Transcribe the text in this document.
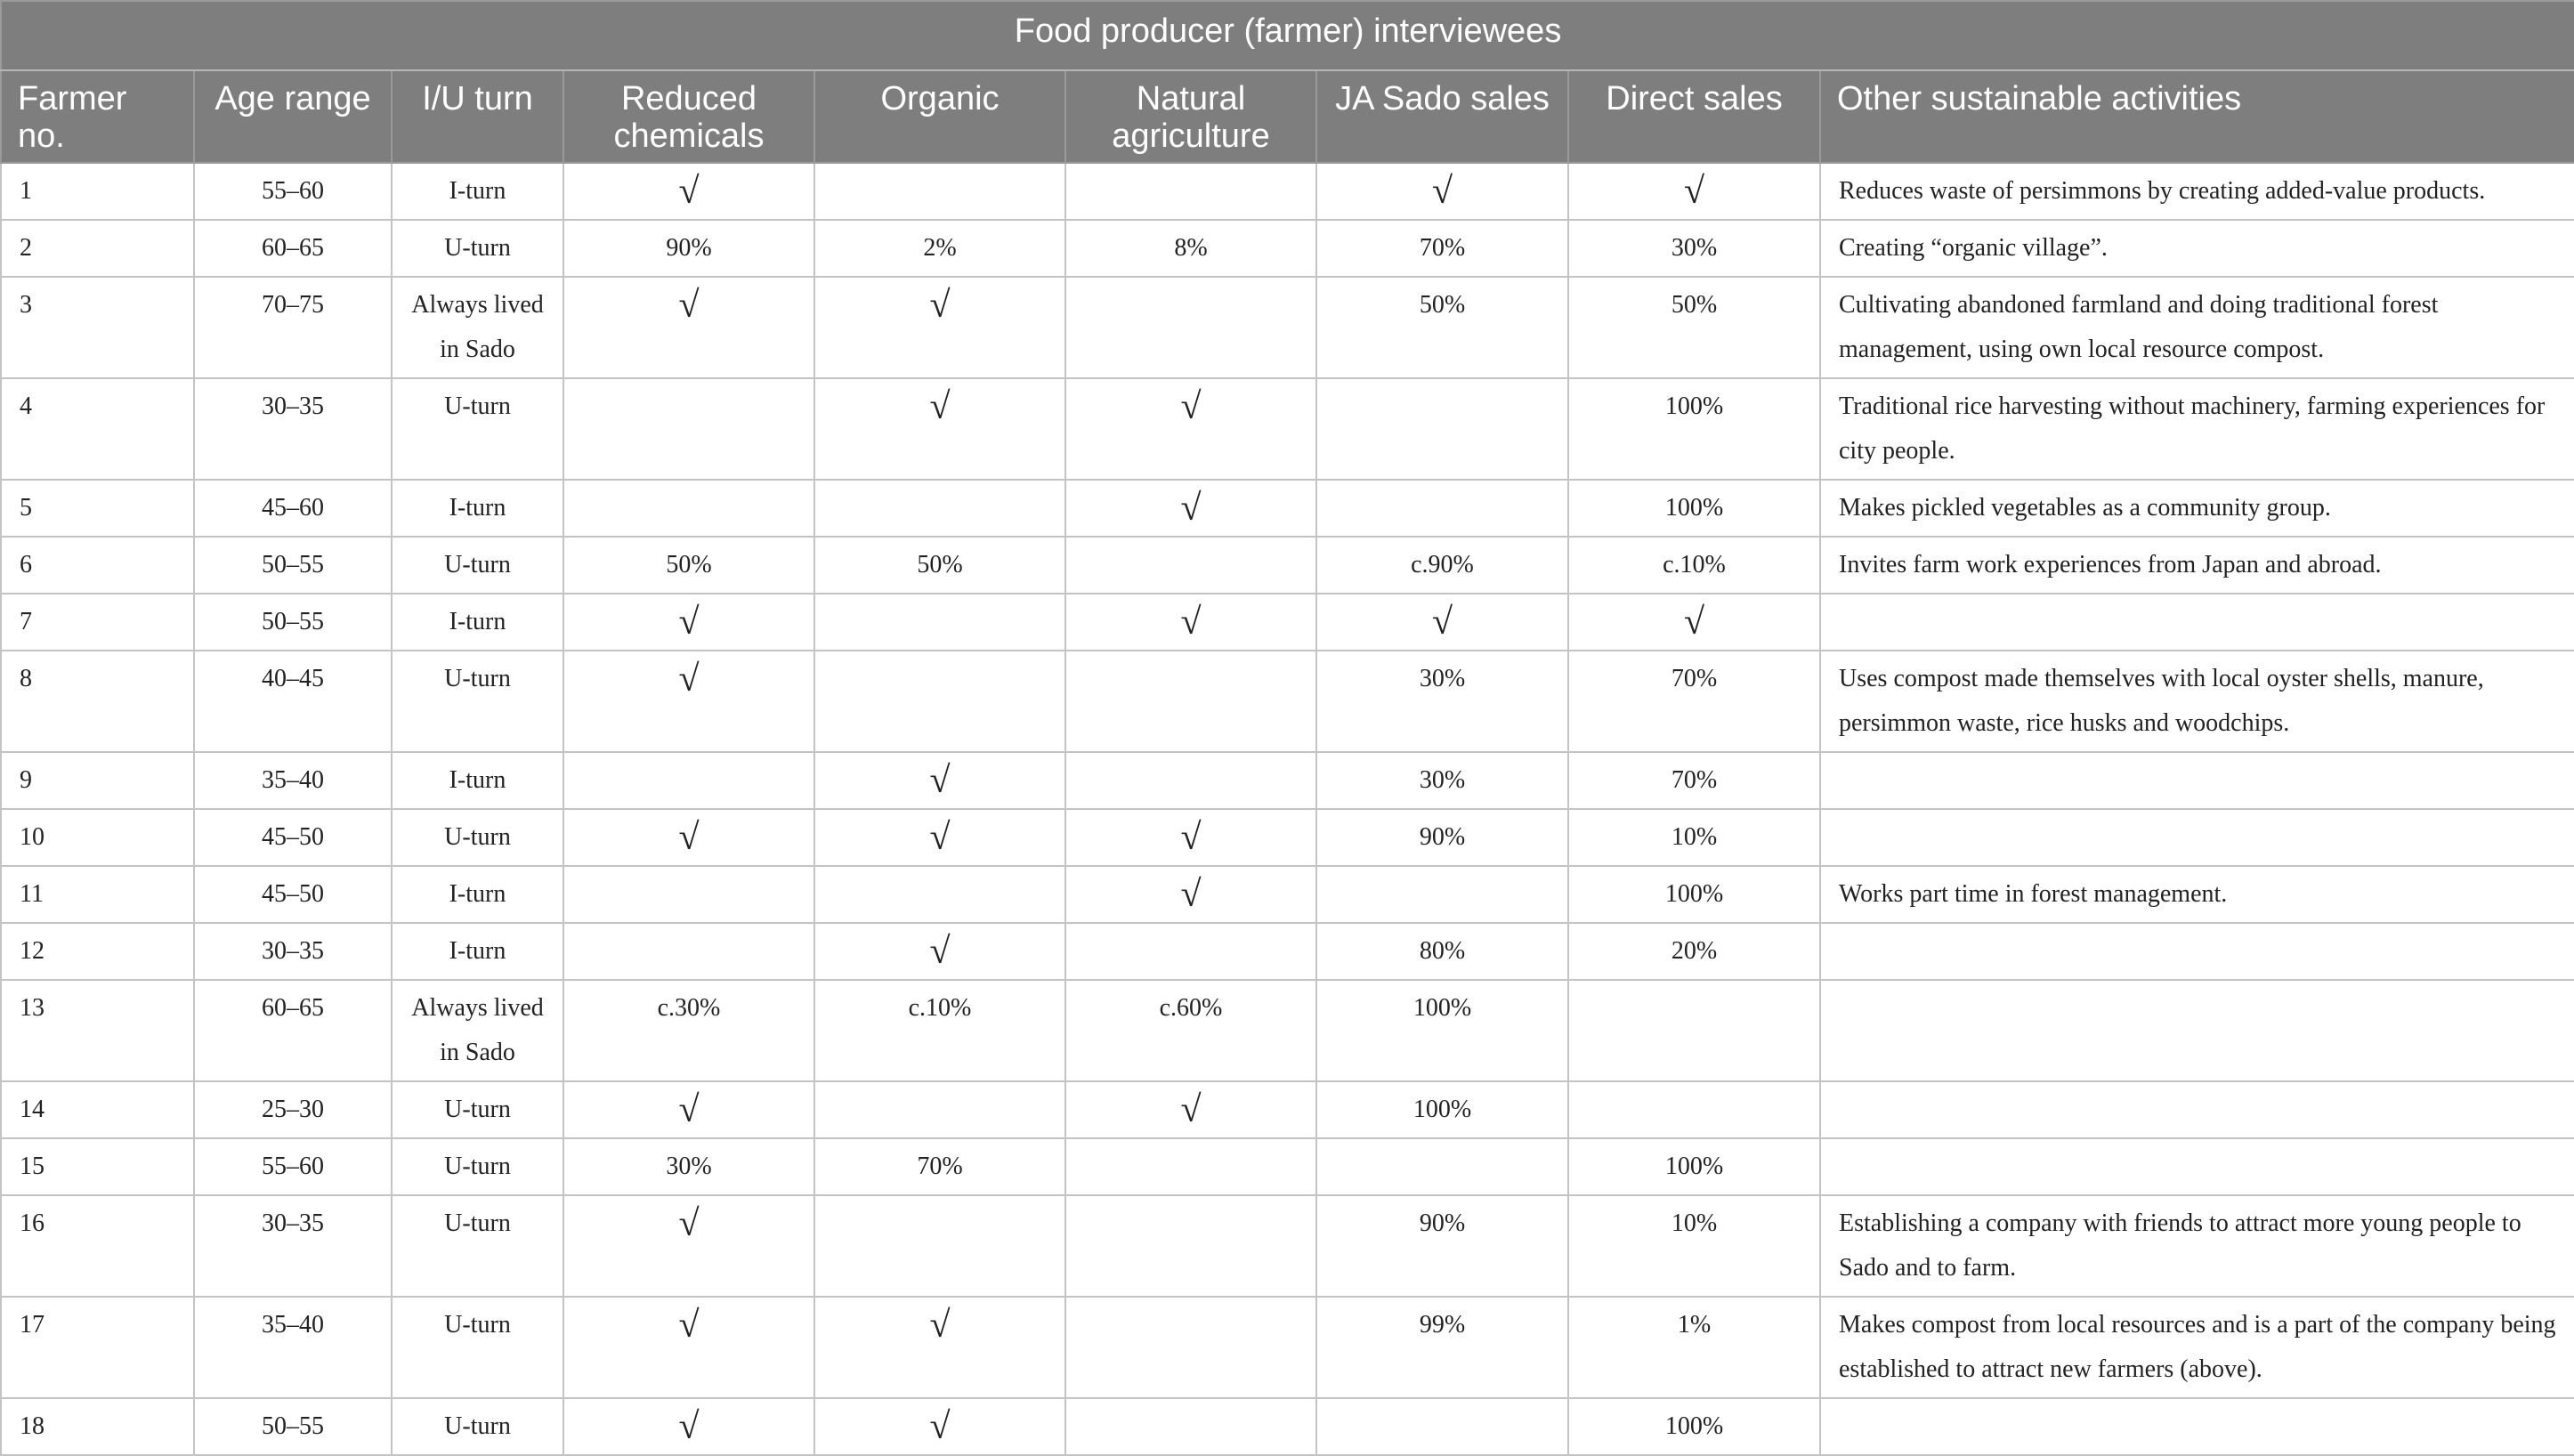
Food producer (farmer) interviewees								
Farmer no.	Age range	I/U turn	Reduced chemicals	Organic	Natural agriculture	JA Sado sales	Direct sales	Other sustainable activities
1	55–60	I-turn	√			√	√	Reduces waste of persimmons by creating added-value products.
2	60–65	U-turn	90%	2%	8%	70%	30%	Creating “organic village”.
3	70–75	Always lived in Sado	√	√		50%	50%	Cultivating abandoned farmland and doing traditional forest management, using own local resource compost.
4	30–35	U-turn		√	√		100%	Traditional rice harvesting without machinery, farming experiences for city people.
5	45–60	I-turn			√		100%	Makes pickled vegetables as a community group.
6	50–55	U-turn	50%	50%		c.90%	c.10%	Invites farm work experiences from Japan and abroad.
7	50–55	I-turn	√		√	√	√	
8	40–45	U-turn	√			30%	70%	Uses compost made themselves with local oyster shells, manure, persimmon waste, rice husks and woodchips.
9	35–40	I-turn		√		30%	70%	
10	45–50	U-turn	√	√	√	90%	10%	
11	45–50	I-turn			√		100%	Works part time in forest management.
12	30–35	I-turn		√		80%	20%	
13	60–65	Always lived in Sado	c.30%	c.10%	c.60%	100%		
14	25–30	U-turn	√		√	100%		
15	55–60	U-turn	30%	70%			100%	
16	30–35	U-turn	√			90%	10%	Establishing a company with friends to attract more young people to Sado and to farm.
17	35–40	U-turn	√	√		99%	1%	Makes compost from local resources and is a part of the company being established to attract new farmers (above).
18	50–55	U-turn	√	√			100%	
